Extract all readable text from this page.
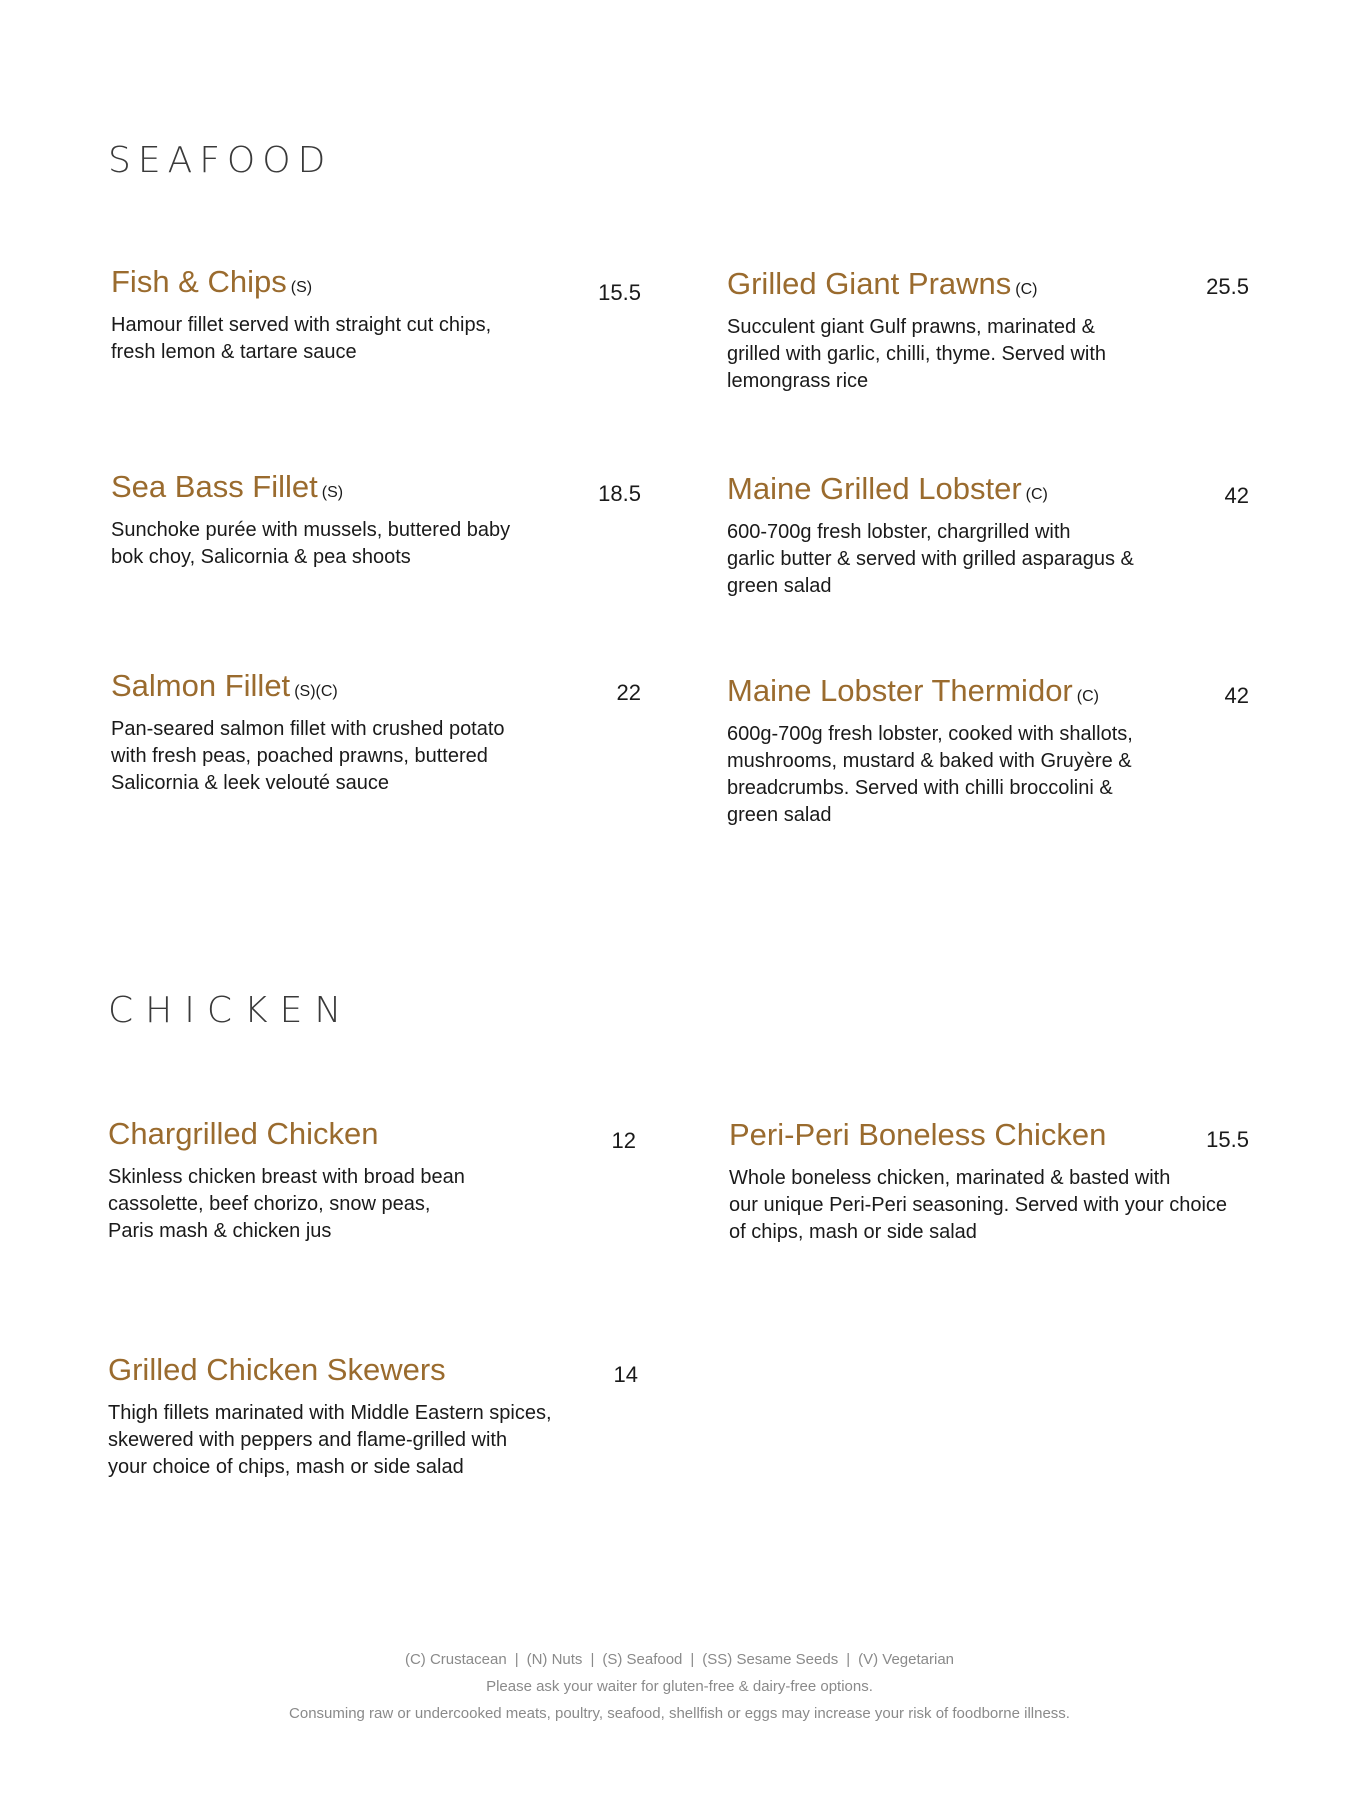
SEAFOOD
Fish & Chips (S)	15.5
Hamour fillet served with straight cut chips,
fresh lemon & tartare sauce
Grilled Giant Prawns (C)	25.5
Succulent giant Gulf prawns, marinated &
grilled with garlic, chilli, thyme. Served with
lemongrass rice
Sea Bass Fillet (S)	18.5
Sunchoke purée with mussels, buttered baby
bok choy, Salicornia & pea shoots
Maine Grilled Lobster (C)	42
600-700g fresh lobster, chargrilled with
garlic butter & served with grilled asparagus &
green salad
Salmon Fillet (S)(C)	22
Pan-seared salmon fillet with crushed potato
with fresh peas, poached prawns, buttered
Salicornia & leek velouté sauce
Maine Lobster Thermidor (C)	42
600g-700g fresh lobster, cooked with shallots,
mushrooms, mustard & baked with Gruyère &
breadcrumbs. Served with chilli broccolini &
green salad
CHICKEN
Chargrilled Chicken	12
Skinless chicken breast with broad bean
cassolette, beef chorizo, snow peas,
Paris mash & chicken jus
Peri-Peri Boneless Chicken	15.5
Whole boneless chicken, marinated & basted with
our unique Peri-Peri seasoning. Served with your choice
of chips, mash or side salad
Grilled Chicken Skewers	14
Thigh fillets marinated with Middle Eastern spices,
skewered with peppers and flame-grilled with
your choice of chips, mash or side salad
(C) Crustacean | (N) Nuts | (S) Seafood | (SS) Sesame Seeds | (V) Vegetarian
Please ask your waiter for gluten-free & dairy-free options.
Consuming raw or undercooked meats, poultry, seafood, shellfish or eggs may increase your risk of foodborne illness.
